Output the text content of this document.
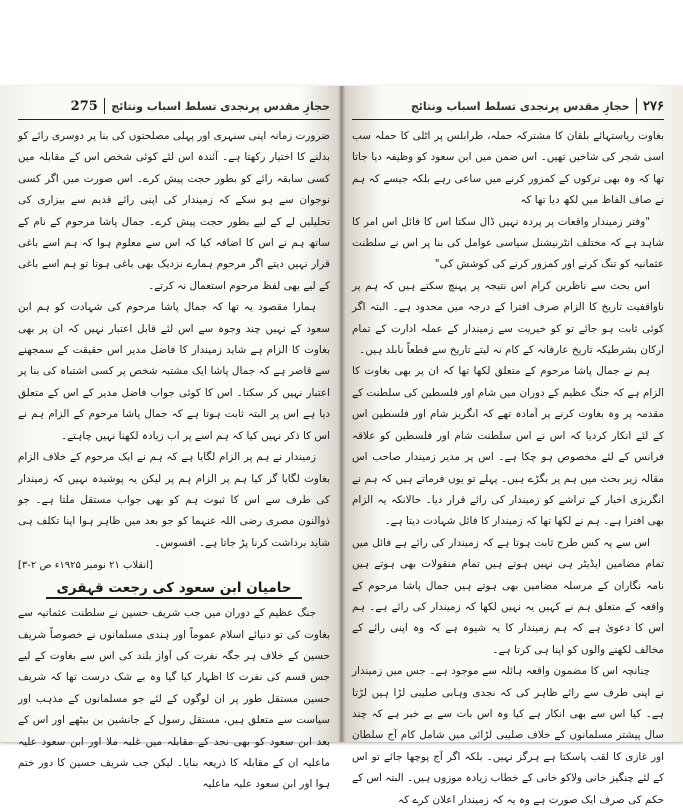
حجازِ مقدس پرنجدی تسلط اسباب ونتائج
275

ضرورت زمانہ اپنی سنہری اور پہلی مصلحتوں کی بنا پر دوسری رائے کو بدلنے کا اختیار رکھتا ہے۔ آئندہ اس لئے کوئی شخص اس کے مقابلہ میں کسی سابقہ رائے کو بطور حجت پیش کرے۔ اس صورت میں اگر کسی نوجوان سے ہو سکے کہ زمیندار کی اپنی رائے قدیم سے بیزاری کی تحلیلیں لے کے لیے بطور حجت پیش کرے۔ جمال پاشا مرحوم کے نام کے ساتھ ہم نے اس کا اضافہ کیا کہ اس سے معلوم ہوا کہ ہم اسے باغی قرار نہیں دیتے اگر مرحوم ہمارے نزدیک بھی باغی ہوتا تو ہم اسے باغی کے لیے بھی لفظ مرحوم استعمال نہ کرتے۔

ہمارا مقصود یہ تھا کہ جمال پاشا مرحوم کی شہادت کو ہم ابن سعود کے نہیں چند وجوہ سے اس لئے قابل اعتبار نہیں کہ ان پر بھی بغاوت کا الزام ہے شاید زمیندار کا فاضل مدیر اس حقیقت کے سمجھنے سے قاصر ہے کہ جمال پاشا ایک مشتبہ شخص پر کسی اشتباہ کی بنا پر اعتبار نہیں کر سکتا۔ اس کا کوئی جواب فاضل مدیر کے اس کے متعلق دیا ہے اس پر البتہ ثابت ہوتا ہے کہ جمال پاشا مرحوم کے الزام ہم نے اس کا ذکر نہیں کیا کہ ہم اسے پر اب زیادہ لکھنا نہیں چاہتے۔

زمیندار نے ہم پر الزام لگایا ہے کہ ہم نے ایک مرحوم کے خلاف الزام بغاوت لگایا گر کیا ہم پر الزام ہم پر لیکن یہ پوشیدہ نہیں کہ زمیندار کی طرف سے اس کا ثبوت ہم کو بھی جواب مستقل ملتا ہے۔ جو ذوالنون مصری رضی اللہ عنہما کو جو بعد میں ظاہر ہوا اپنا تکلف ہی شاید برداشت کرنا پڑ جاتا ہے۔ افسوس۔

[انقلاب ۲۱ نومبر ۱۹۲۵ء ص ۲-۳]
حامیان ابن سعود کی رجعت قہقری

جنگ عظیم کے دوران میں جب شریف حسین نے سلطنت عثمانیہ سے بغاوت کی تو دنیائے اسلام عموماً اور ہندی مسلمانوں نے خصوصاً شریف حسین کے خلاف ہر جگہ نفرت کی آواز بلند کی اس سے بغاوت کے لیے جس قسم کی نفرت کا اظہار کیا گیا وہ بے شک درست تھا کہ شریف حسین مستقل طور پر ان لوگوں کے لئے جو مسلمانوں کے مذہب اور سیاست سے متعلق ہیں، مستقل رسول کے جانشین بن بیٹھے اور اس کے بعد ابن سعود کو بھی نجد کے مقابلہ میں غلبہ ملا اور ابن سعود علیہ ماعلیہ ان کے مقابلہ کا ذریعہ بنایا۔ لیکن جب شریف حسین کا دور ختم ہوا اور ابن سعود علیہ ماعلیہ

۲۷۶
حجازِ مقدس پرنجدی تسلط اسباب ونتائج

بغاوت ریاستہائے بلقان کا مشترکہ حملہ، طرابلس پر اٹلی کا حملہ سب اسی شجر کی شاخیں تھیں۔ اس ضمن میں ابن سعود کو وظیفہ دیا جاتا تھا کہ وہ بھی ترکوں کے کمزور کرنے میں ساعی رہے بلکہ جیسے کہ ہم نے صاف الفاظ میں لکھ دیا تھا کہ

"وفتر زمیندار واقعات پر پردہ نہیں ڈال سکتا اس کا فائل اس امر کا شاہد ہے کہ مختلف انٹرنیشنل سیاسی عوامل کی بنا پر اس نے سلطنت عثمانیہ کو تنگ کرنے اور کمزور کرنے کی کوشش کی"

اس بحث سے ناظرین کرام اس نتیجہ پر پہنچ سکتے ہیں کہ ہم پر ناواقفیت تاریخ کا الزام صرف افترا کے درجہ میں محدود ہے۔ البتہ اگر کوئی ثابت ہو جائے تو کو خیریت سے زمیندار کے عملہ ادارت کے تمام ارکان بشرطیکہ تاریخ عارفانہ کے کام نہ لیتے تاریخ سے قطعاً نابلد ہیں۔

ہم نے جمال پاشا مرحوم کے متعلق لکھا تھا کہ ان پر بھی بغاوت کا الزام ہے کہ جنگ عظیم کے دوران میں شام اور فلسطین کی سلطنت کے مقدمہ پر وہ بغاوت کرنے پر آمادہ تھے کہ انگریز شام اور فلسطین اس کے لئے انکار کردیا کہ اس نے اس سلطنت شام اور فلسطین کو علاقہ فرانس کے لئے مخصوص ہو چکا ہے۔ اس پر مدیر زمیندار صاحب اس مقالہ زیر بحث میں ہم پر بگڑے ہیں۔ پہلے تو یوں فرماتے ہیں کہ ہم نے انگریزی اخبار کے تراشے کو زمیندار کی رائے قرار دیا۔ حالانکہ یہ الزام بھی افترا ہے۔ ہم نے لکھا تھا کہ زمیندار کا فائل شہادت دیتا ہے۔

اس سے پہ کس طرح ثابت ہوتا ہے کہ زمیندار کی رائے ہے فائل میں تمام مضامین ایڈیٹر ہی نہیں ہوتے ہیں تمام منقولات بھی ہوتے ہیں نامہ نگاران کے مرسلہ مضامین بھی ہوتے ہیں جمال پاشا مرحوم کے واقعہ کے متعلق ہم نے کہیں یہ نہیں لکھا کہ زمیندار کی رائے ہے۔ ہم اس کا دعویٰ ہے کہ ہم زمیندار کا یہ شیوہ ہے کہ وہ اپنی رائے کے مخالف لکھنے والوں کو اپنا ہی کرتا ہے۔

چنانچہ اس کا مضمون واقعہ ہائلہ سے موجود ہے۔ جس میں زمیندار نے اپنی طرف سے رائے ظاہر کی کہ نجدی وہابی صلیبی لڑا ہیں لڑتا ہے۔ کیا اس سے بھی انکار ہے کیا وہ اس بات سے بے خبر ہے کہ چند سال پیشتر مسلمانوں کے خلاف صلیبی لڑائی میں شامل کام آج سلطان اور غازی کا لقب پاسکتا ہے ہرگز نہیں۔ بلکہ اگر آج پوچھا جائے تو اس کے لئے چنگیز خانی ولاکو خانی کے خطاب زیادہ موزوں ہیں۔ البتہ اس کے حکم کی صرف ایک صورت ہے وہ یہ کہ زمیندار اعلان کرے کہ
